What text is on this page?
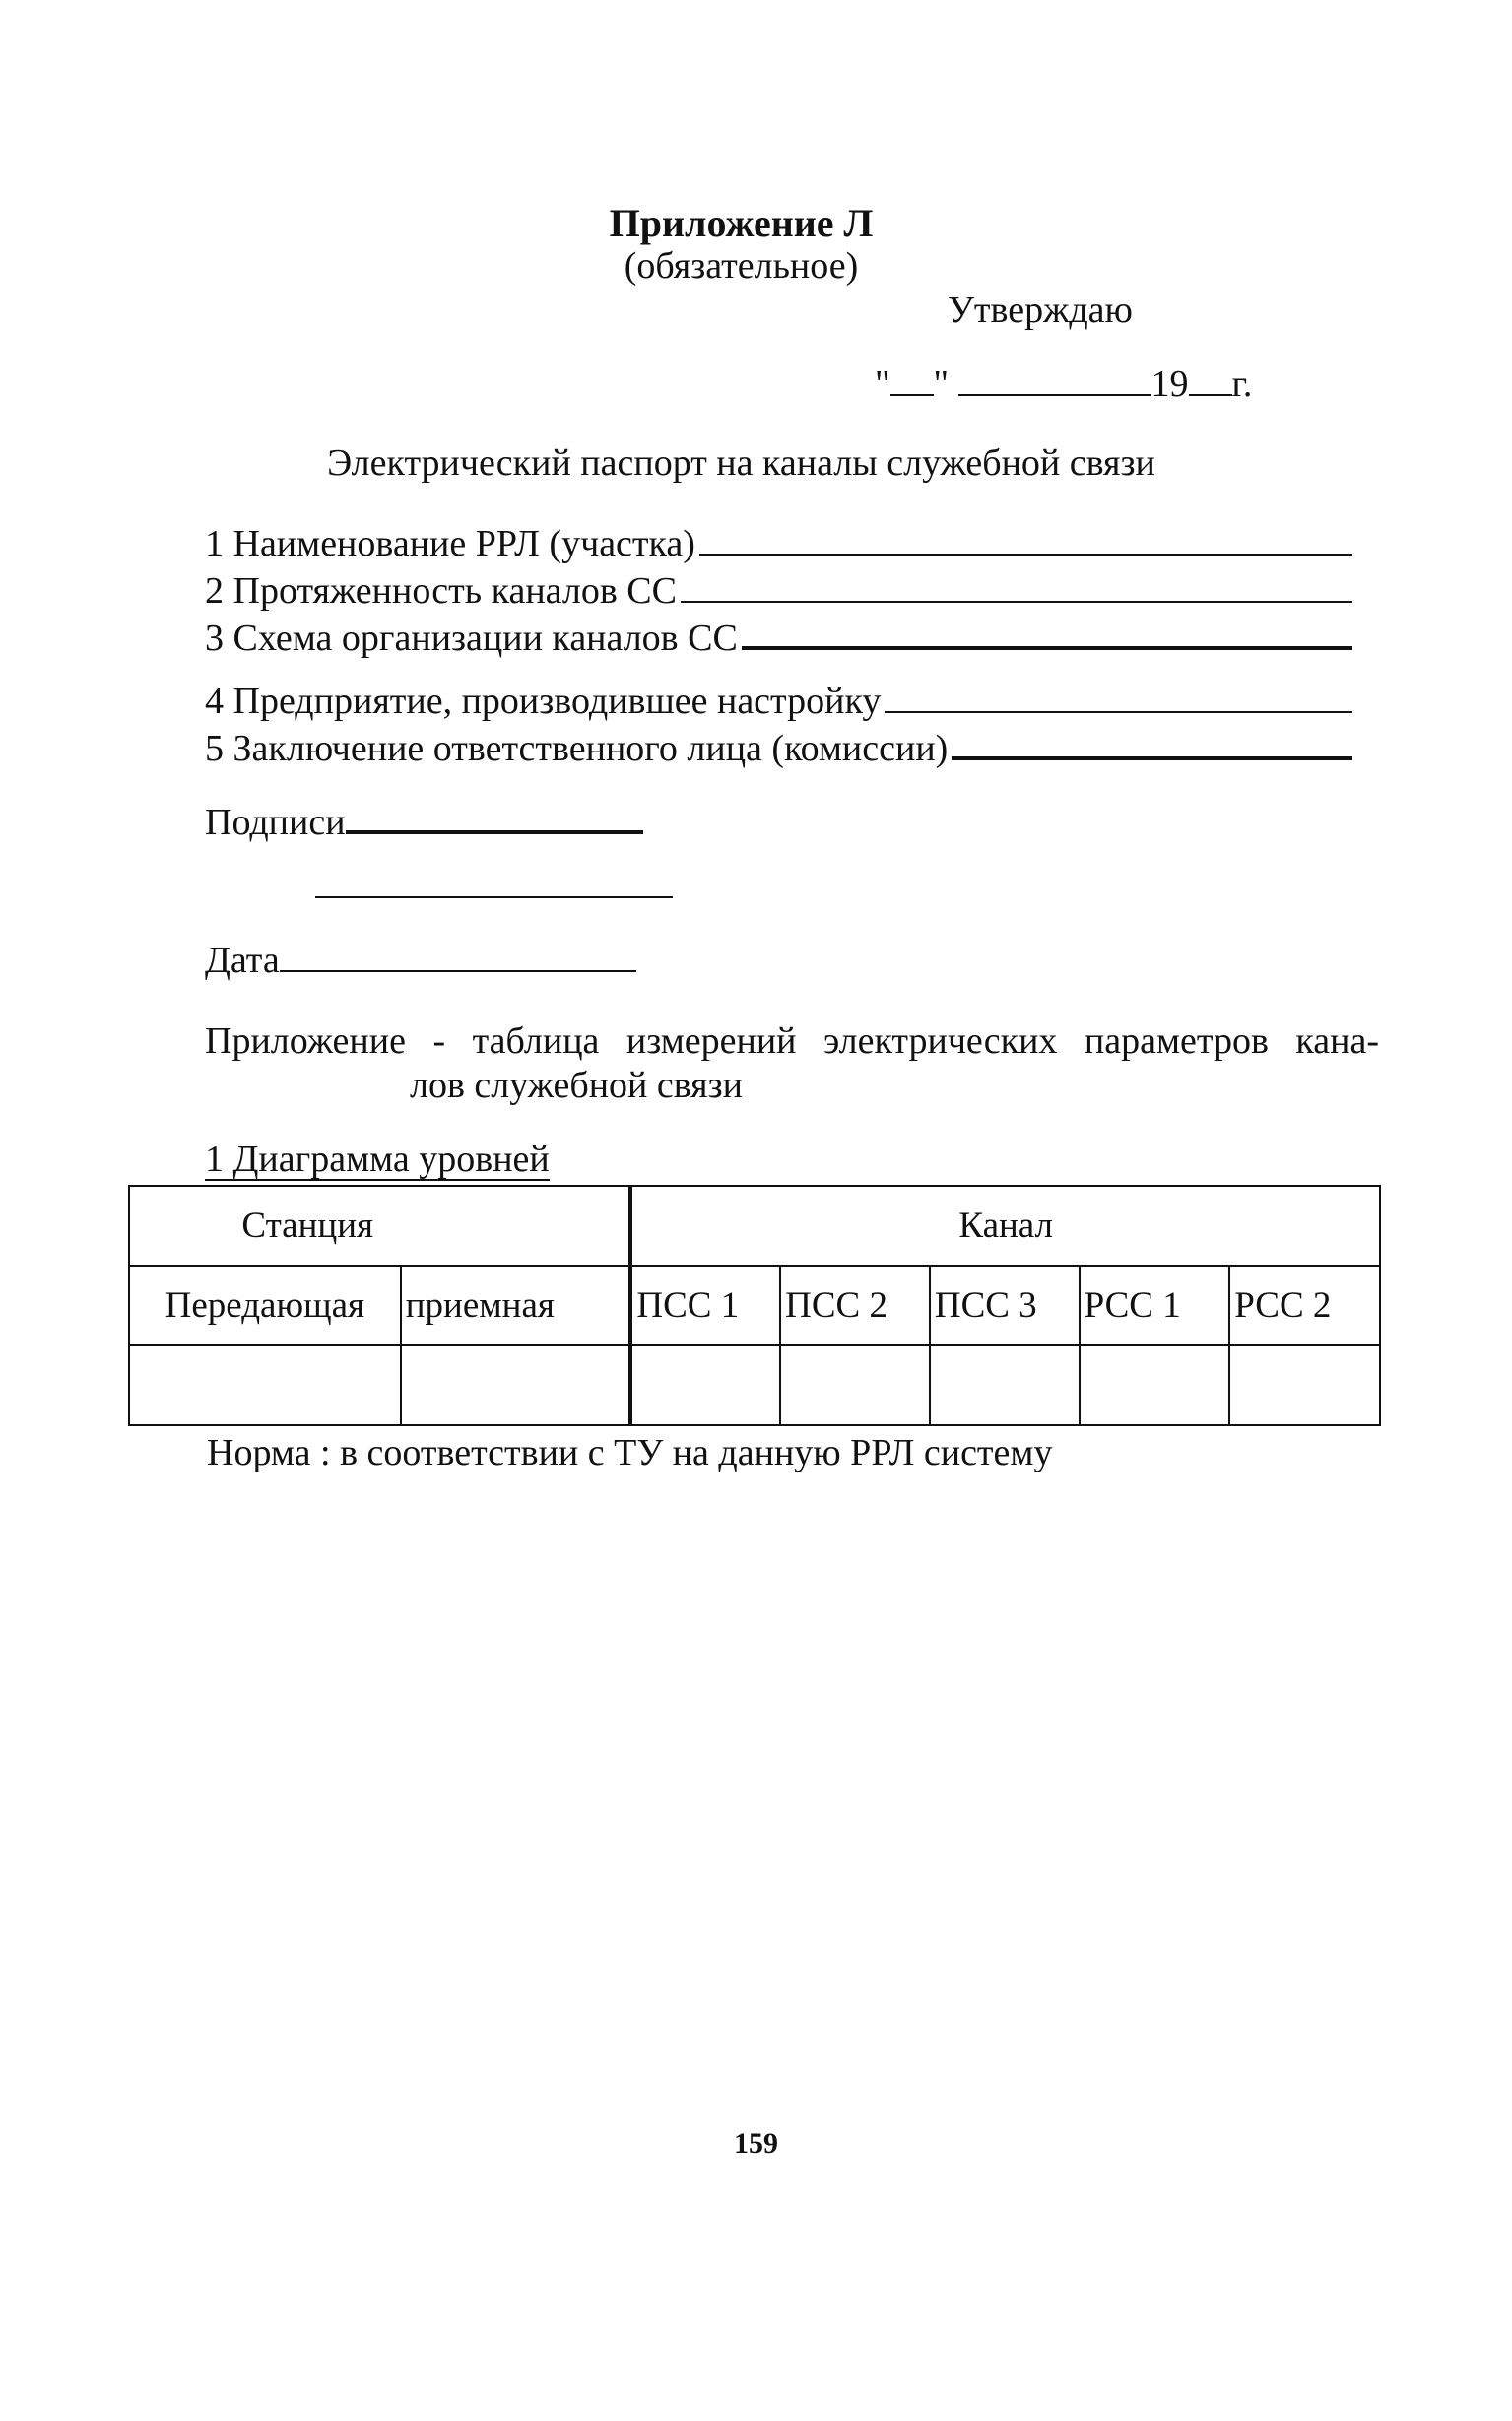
Приложение Л
(обязательное)
Утверждаю
" "	19 г.
Электрический паспорт на каналы служебной связи
1 Наименование РРЛ (участка)
2 Протяженность каналов СС
3 Схема организации каналов СС
4 Предприятие, производившее настройку
5 Заключение ответственного лица (комиссии)
Подписи
Дата
Приложение - таблица измерений электрических параметров кана-
лов служебной связи
1 Диаграмма уровней
Станция		Канал				
Передающая	приемная	ПСС 1	ПСС 2	ПСС 3	РСС 1	РСС 2

Норма : в соответствии с ТУ на данную РРЛ систему
159
